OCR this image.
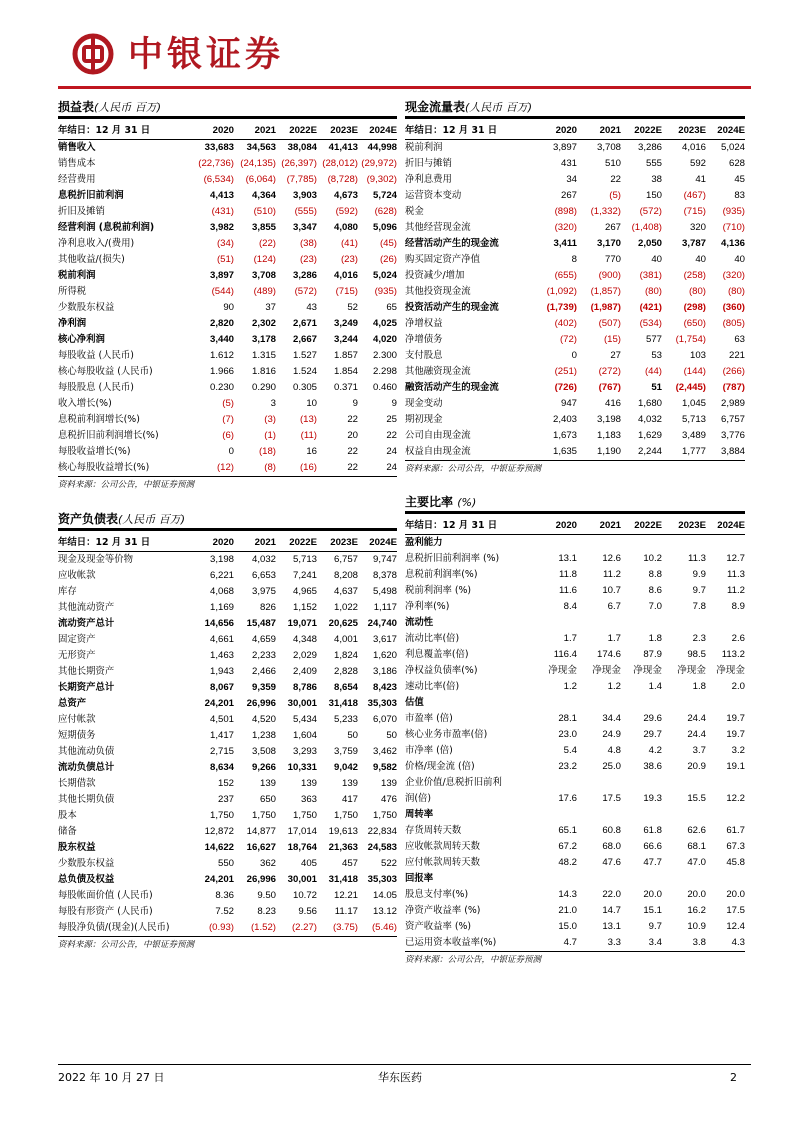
中银证券
损益表(人民币 百万)
年结日：12 月 31 日	2020	2021	2022E	2023E	2024E
销售收入	33,683	34,563	38,084	41,413	44,998
销售成本	(22,736)	(24,135)	(26,397)	(28,012)	(29,972)
经营费用	(6,534)	(6,064)	(7,785)	(8,728)	(9,302)
息税折旧前利润	4,413	4,364	3,903	4,673	5,724
折旧及摊销	(431)	(510)	(555)	(592)	(628)
经营利润 (息税前利润)	3,982	3,855	3,347	4,080	5,096
净利息收入/(费用)	(34)	(22)	(38)	(41)	(45)
其他收益/(损失)	(51)	(124)	(23)	(23)	(26)
税前利润	3,897	3,708	3,286	4,016	5,024
所得税	(544)	(489)	(572)	(715)	(935)
少数股东权益	90	37	43	52	65
净利润	2,820	2,302	2,671	3,249	4,025
核心净利润	3,440	3,178	2,667	3,244	4,020
每股收益 (人民币)	1.612	1.315	1.527	1.857	2.300
核心每股收益 (人民币)	1.966	1.816	1.524	1.854	2.298
每股股息 (人民币)	0.230	0.290	0.305	0.371	0.460
收入增长(%)	(5)	3	10	9	9
息税前利润增长(%)	(7)	(3)	(13)	22	25
息税折旧前利润增长(%)	(6)	(1)	(11)	20	22
每股收益增长(%)	0	(18)	16	22	24
核心每股收益增长(%)	(12)	(8)	(16)	22	24
资料来源：公司公告，中银证券预测
资产负债表(人民币 百万)
年结日：12 月 31 日	2020	2021	2022E	2023E	2024E
现金及现金等价物	3,198	4,032	5,713	6,757	9,747
应收帐款	6,221	6,653	7,241	8,208	8,378
库存	4,068	3,975	4,965	4,637	5,498
其他流动资产	1,169	826	1,152	1,022	1,117
流动资产总计	14,656	15,487	19,071	20,625	24,740
固定资产	4,661	4,659	4,348	4,001	3,617
无形资产	1,463	2,233	2,029	1,824	1,620
其他长期资产	1,943	2,466	2,409	2,828	3,186
长期资产总计	8,067	9,359	8,786	8,654	8,423
总资产	24,201	26,996	30,001	31,418	35,303
应付帐款	4,501	4,520	5,434	5,233	6,070
短期债务	1,417	1,238	1,604	50	50
其他流动负债	2,715	3,508	3,293	3,759	3,462
流动负债总计	8,634	9,266	10,331	9,042	9,582
长期借款	152	139	139	139	139
其他长期负债	237	650	363	417	476
股本	1,750	1,750	1,750	1,750	1,750
储备	12,872	14,877	17,014	19,613	22,834
股东权益	14,622	16,627	18,764	21,363	24,583
少数股东权益	550	362	405	457	522
总负债及权益	24,201	26,996	30,001	31,418	35,303
每股帐面价值 (人民币)	8.36	9.50	10.72	12.21	14.05
每股有形资产 (人民币)	7.52	8.23	9.56	11.17	13.12
每股净负债/(现金)(人民币)	(0.93)	(1.52)	(2.27)	(3.75)	(5.46)
资料来源：公司公告，中银证券预测
现金流量表(人民币 百万)
年结日：12 月 31 日	2020	2021	2022E	2023E	2024E
税前利润	3,897	3,708	3,286	4,016	5,024
折旧与摊销	431	510	555	592	628
净利息费用	34	22	38	41	45
运营资本变动	267	(5)	150	(467)	83
税金	(898)	(1,332)	(572)	(715)	(935)
其他经营现金流	(320)	267	(1,408)	320	(710)
经营活动产生的现金流	3,411	3,170	2,050	3,787	4,136
购买固定资产净值	8	770	40	40	40
投资减少/增加	(655)	(900)	(381)	(258)	(320)
其他投资现金流	(1,092)	(1,857)	(80)	(80)	(80)
投资活动产生的现金流	(1,739)	(1,987)	(421)	(298)	(360)
净增权益	(402)	(507)	(534)	(650)	(805)
净增债务	(72)	(15)	577	(1,754)	63
支付股息	0	27	53	103	221
其他融资现金流	(251)	(272)	(44)	(144)	(266)
融资活动产生的现金流	(726)	(767)	51	(2,445)	(787)
现金变动	947	416	1,680	1,045	2,989
期初现金	2,403	3,198	4,032	5,713	6,757
公司自由现金流	1,673	1,183	1,629	3,489	3,776
权益自由现金流	1,635	1,190	2,244	1,777	3,884
资料来源：公司公告，中银证券预测
主要比率 (%)
年结日：12 月 31 日	2020	2021	2022E	2023E	2024E
盈利能力					
息税折旧前利润率 (%)	13.1	12.6	10.2	11.3	12.7
息税前利润率(%)	11.8	11.2	8.8	9.9	11.3
税前利润率 (%)	11.6	10.7	8.6	9.7	11.2
净利率(%)	8.4	6.7	7.0	7.8	8.9
流动性					
流动比率(倍)	1.7	1.7	1.8	2.3	2.6
利息覆盖率(倍)	116.4	174.6	87.9	98.5	113.2
净权益负债率(%)	净现金	净现金	净现金	净现金	净现金
速动比率(倍)	1.2	1.2	1.4	1.8	2.0
估值					
市盈率 (倍)	28.1	34.4	29.6	24.4	19.7
核心业务市盈率(倍)	23.0	24.9	29.7	24.4	19.7
市净率 (倍)	5.4	4.8	4.2	3.7	3.2
价格/现金流 (倍)	23.2	25.0	38.6	20.9	19.1
企业价值/息税折旧前利					
润(倍)	17.6	17.5	19.3	15.5	12.2
周转率					
存货周转天数	65.1	60.8	61.8	62.6	61.7
应收帐款周转天数	67.2	68.0	66.6	68.1	67.3
应付帐款周转天数	48.2	47.6	47.7	47.0	45.8
回报率					
股息支付率(%)	14.3	22.0	20.0	20.0	20.0
净资产收益率 (%)	21.0	14.7	15.1	16.2	17.5
资产收益率 (%)	15.0	13.1	9.7	10.9	12.4
已运用资本收益率(%)	4.7	3.3	3.4	3.8	4.3
资料来源：公司公告，中银证券预测
2022 年 10 月 27 日	华东医药	2
